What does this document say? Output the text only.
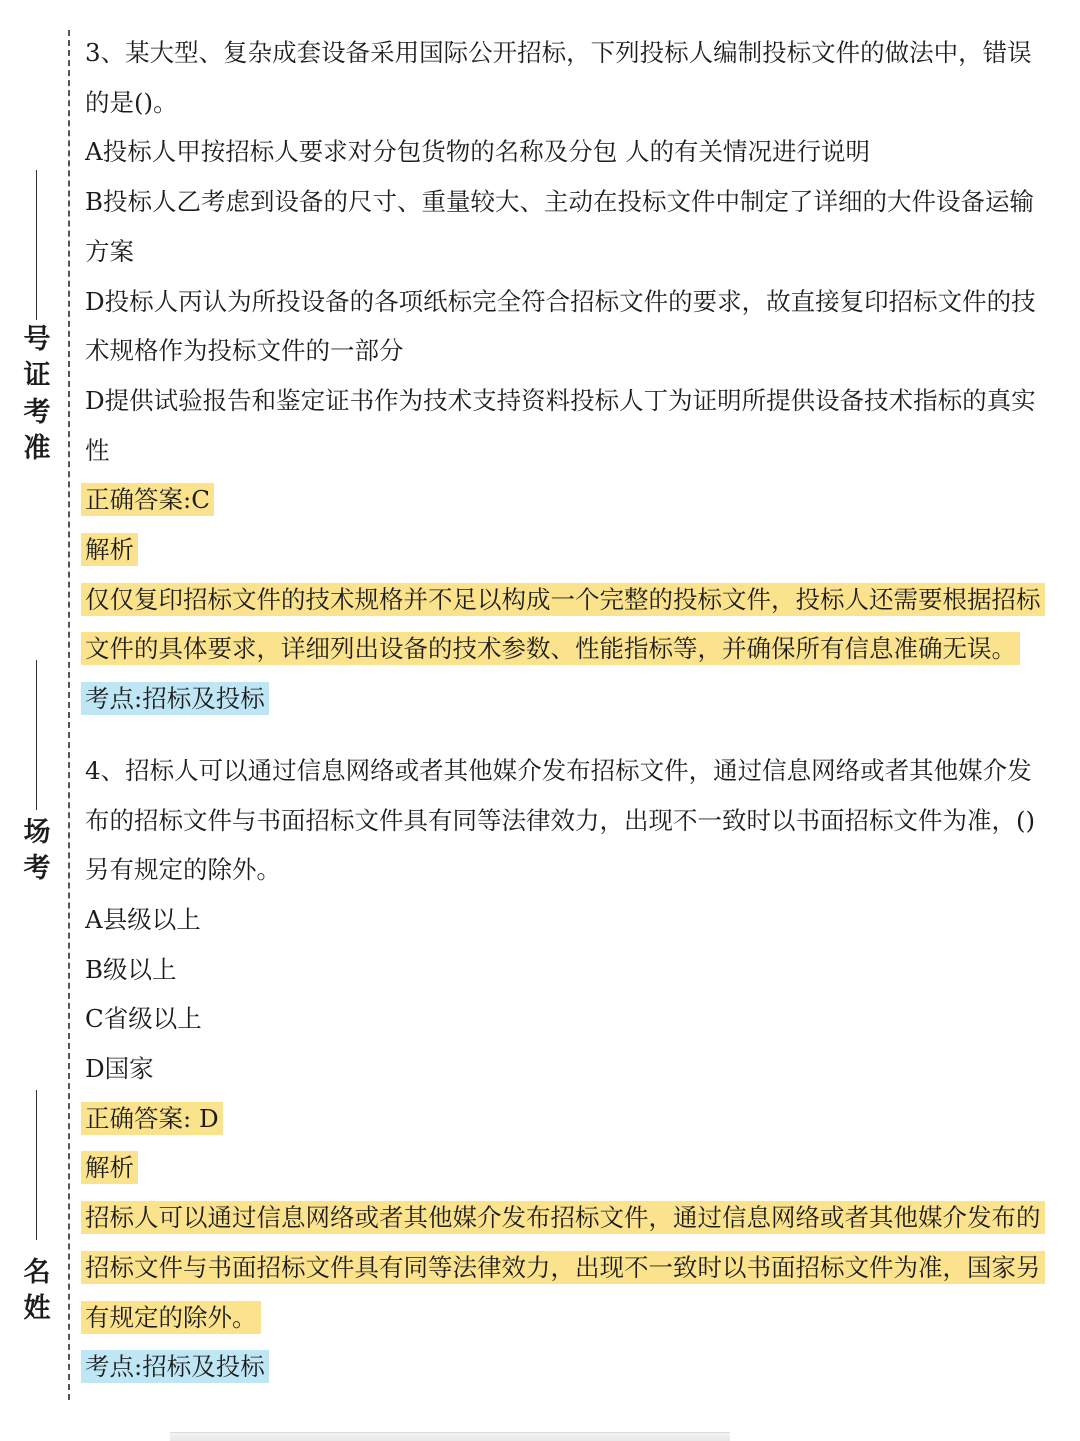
号
证
考
准
场
考
名
姓
3、某大型、复杂成套设备采用国际公开招标，下列投标人编制投标文件的做法中，错误
的是()。
A投标人甲按招标人要求对分包货物的名称及分包 人的有关情况进行说明
B投标人乙考虑到设备的尺寸、重量较大、主动在投标文件中制定了详细的大件设备运输
方案
D投标人丙认为所投设备的各项纸标完全符合招标文件的要求，故直接复印招标文件的技
术规格作为投标文件的一部分
D提供试验报告和鉴定证书作为技术支持资料投标人丁为证明所提供设备技术指标的真实
性
正确答案:C
解析
仅仅复印招标文件的技术规格并不足以构成一个完整的投标文件，投标人还需要根据招标
文件的具体要求，详细列出设备的技术参数、性能指标等，并确保所有信息准确无误。
考点:招标及投标
4、招标人可以通过信息网络或者其他媒介发布招标文件，通过信息网络或者其他媒介发
布的招标文件与书面招标文件具有同等法律效力，出现不一致时以书面招标文件为准，()
另有规定的除外。
A县级以上
B级以上
C省级以上
D国家
正确答案: D
解析
招标人可以通过信息网络或者其他媒介发布招标文件，通过信息网络或者其他媒介发布的
招标文件与书面招标文件具有同等法律效力，出现不一致时以书面招标文件为准，国家另
有规定的除外。
考点:招标及投标
